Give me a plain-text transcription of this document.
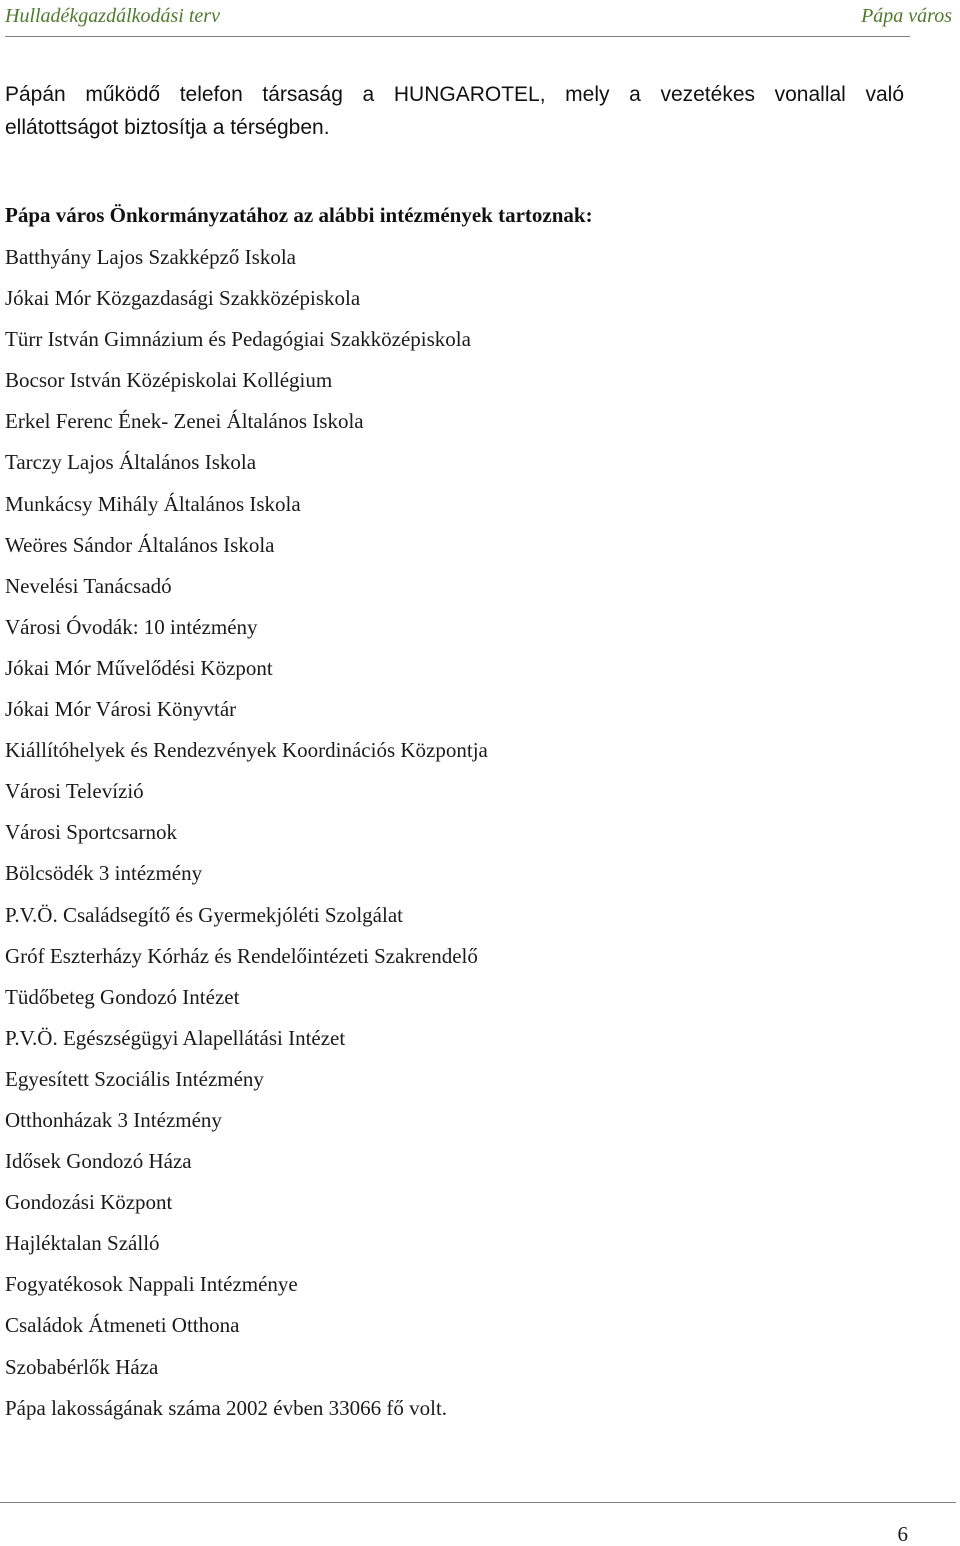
Hulladékgazdálkodási terv	Pápa város
Pápán működő telefon társaság a HUNGAROTEL, mely a vezetékes vonallal való
ellátottságot biztosítja a térségben.
Pápa város Önkormányzatához az alábbi intézmények tartoznak:
Batthyány Lajos Szakképző Iskola
Jókai Mór Közgazdasági Szakközépiskola
Türr István Gimnázium és Pedagógiai Szakközépiskola
Bocsor István Középiskolai Kollégium
Erkel Ferenc Ének- Zenei Általános Iskola
Tarczy Lajos Általános Iskola
Munkácsy Mihály Általános Iskola
Weöres Sándor Általános Iskola
Nevelési Tanácsadó
Városi Óvodák: 10 intézmény
Jókai Mór Művelődési Központ
Jókai Mór Városi Könyvtár
Kiállítóhelyek és Rendezvények Koordinációs Központja
Városi Televízió
Városi Sportcsarnok
Bölcsödék 3 intézmény
P.V.Ö. Családsegítő és Gyermekjóléti Szolgálat
Gróf Eszterházy Kórház és Rendelőintézeti Szakrendelő
Tüdőbeteg Gondozó Intézet
P.V.Ö. Egészségügyi Alapellátási Intézet
Egyesített Szociális Intézmény
Otthonházak 3 Intézmény
Idősek Gondozó Háza
Gondozási Központ
Hajléktalan Szálló
Fogyatékosok Nappali Intézménye
Családok Átmeneti Otthona
Szobabérlők Háza
Pápa lakosságának száma 2002 évben 33066 fő volt.
6
